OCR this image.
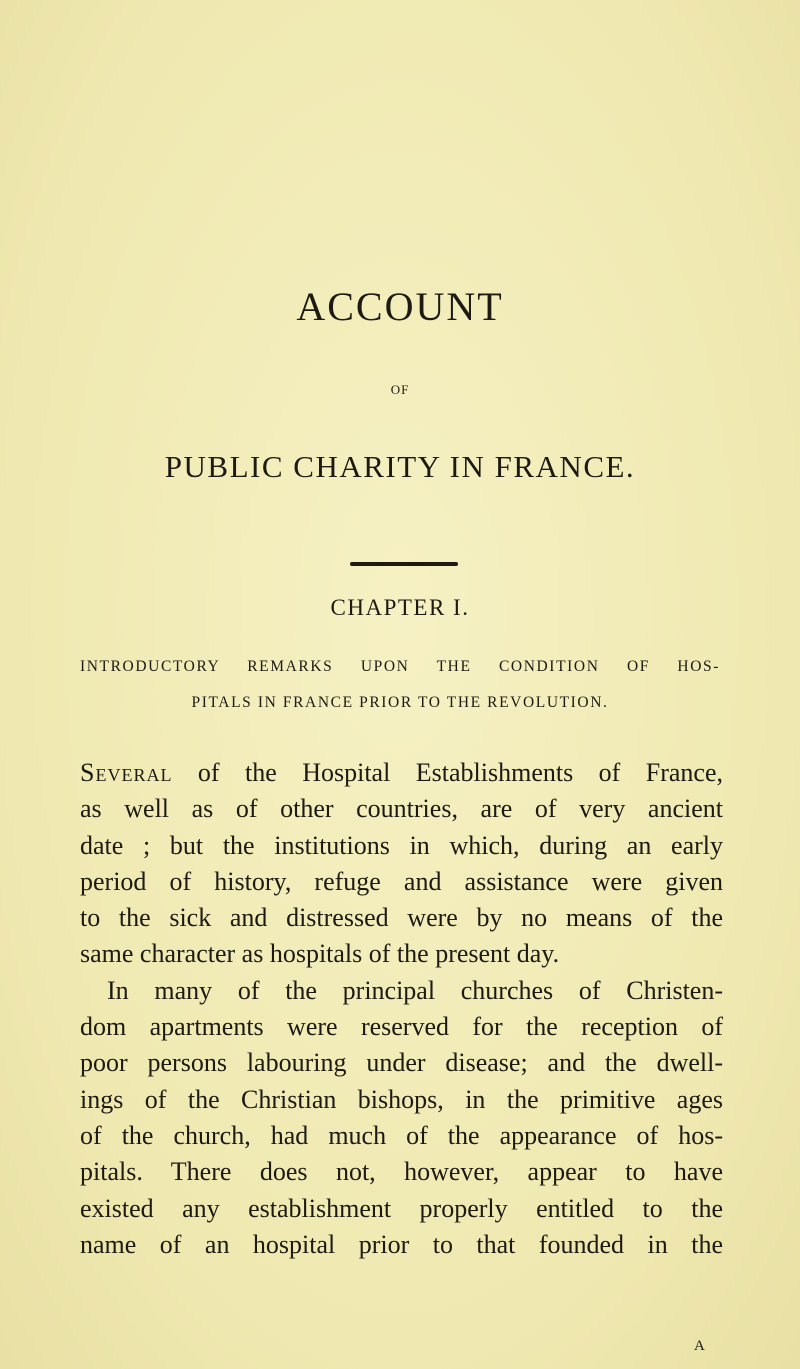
ACCOUNT
OF
PUBLIC CHARITY IN FRANCE.
CHAPTER I.
INTRODUCTORY REMARKS UPON THE CONDITION OF HOS-
PITALS IN FRANCE PRIOR TO THE REVOLUTION.
Several of the Hospital Establishments of France,
as well as of other countries, are of very ancient
date ; but the institutions in which, during an early
period of history, refuge and assistance were given
to the sick and distressed were by no means of the
same character as hospitals of the present day.
In many of the principal churches of Christen-
dom apartments were reserved for the reception of
poor persons labouring under disease; and the dwell-
ings of the Christian bishops, in the primitive ages
of the church, had much of the appearance of hos-
pitals. There does not, however, appear to have
existed any establishment properly entitled to the
name of an hospital prior to that founded in the
A
